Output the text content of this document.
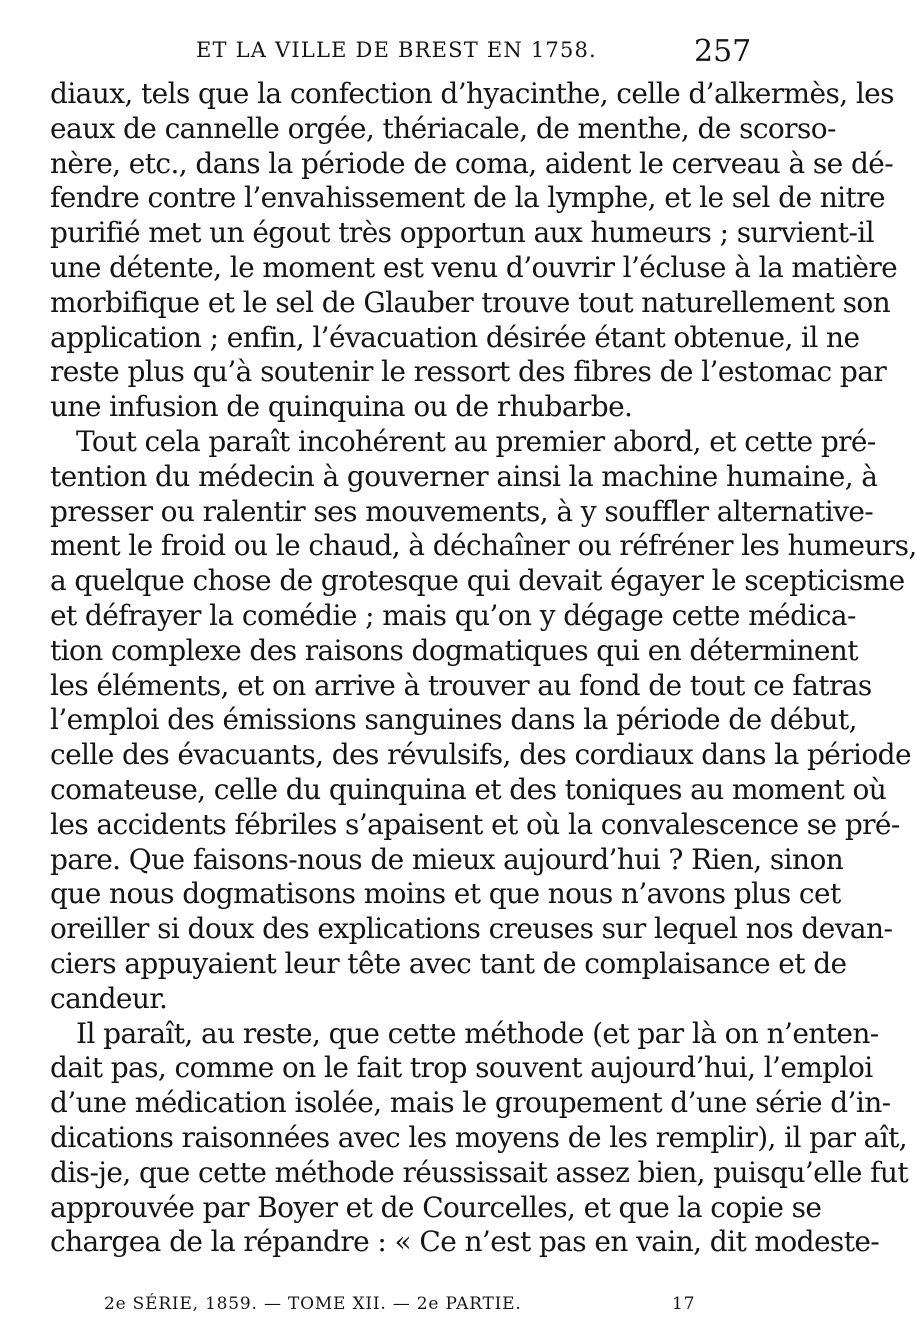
ET LA VILLE DE BREST EN 1758.	257
diaux, tels que la confection d’hyacinthe, celle d’alkermès, les
eaux de cannelle orgée, thériacale, de menthe, de scorso-
nère, etc., dans la période de coma, aident le cerveau à se dé-
fendre contre l’envahissement de la lymphe, et le sel de nitre
purifié met un égout très opportun aux humeurs ; survient-il
une détente, le moment est venu d’ouvrir l’écluse à la matière
morbifique et le sel de Glauber trouve tout naturellement son
application ; enfin, l’évacuation désirée étant obtenue, il ne
reste plus qu’à soutenir le ressort des fibres de l’estomac par
une infusion de quinquina ou de rhubarbe.
Tout cela paraît incohérent au premier abord, et cette pré-
tention du médecin à gouverner ainsi la machine humaine, à
presser ou ralentir ses mouvements, à y souffler alternative-
ment le froid ou le chaud, à déchaîner ou réfréner les humeurs,
a quelque chose de grotesque qui devait égayer le scepticisme
et défrayer la comédie ; mais qu’on y dégage cette médica-
tion complexe des raisons dogmatiques qui en déterminent
les éléments, et on arrive à trouver au fond de tout ce fatras
l’emploi des émissions sanguines dans la période de début,
celle des évacuants, des révulsifs, des cordiaux dans la période
comateuse, celle du quinquina et des toniques au moment où
les accidents fébriles s’apaisent et où la convalescence se pré-
pare. Que faisons-nous de mieux aujourd’hui ? Rien, sinon
que nous dogmatisons moins et que nous n’avons plus cet
oreiller si doux des explications creuses sur lequel nos devan-
ciers appuyaient leur tête avec tant de complaisance et de
candeur.
Il paraît, au reste, que cette méthode (et par là on n’enten-
dait pas, comme on le fait trop souvent aujourd’hui, l’emploi
d’une médication isolée, mais le groupement d’une série d’in-
dications raisonnées avec les moyens de les remplir), il par aît,
dis-je, que cette méthode réussissait assez bien, puisqu’elle fut
approuvée par Boyer et de Courcelles, et que la copie se
chargea de la répandre : « Ce n’est pas en vain, dit modeste-
2e SÉRIE, 1859. — TOME XII. — 2e PARTIE.	17
